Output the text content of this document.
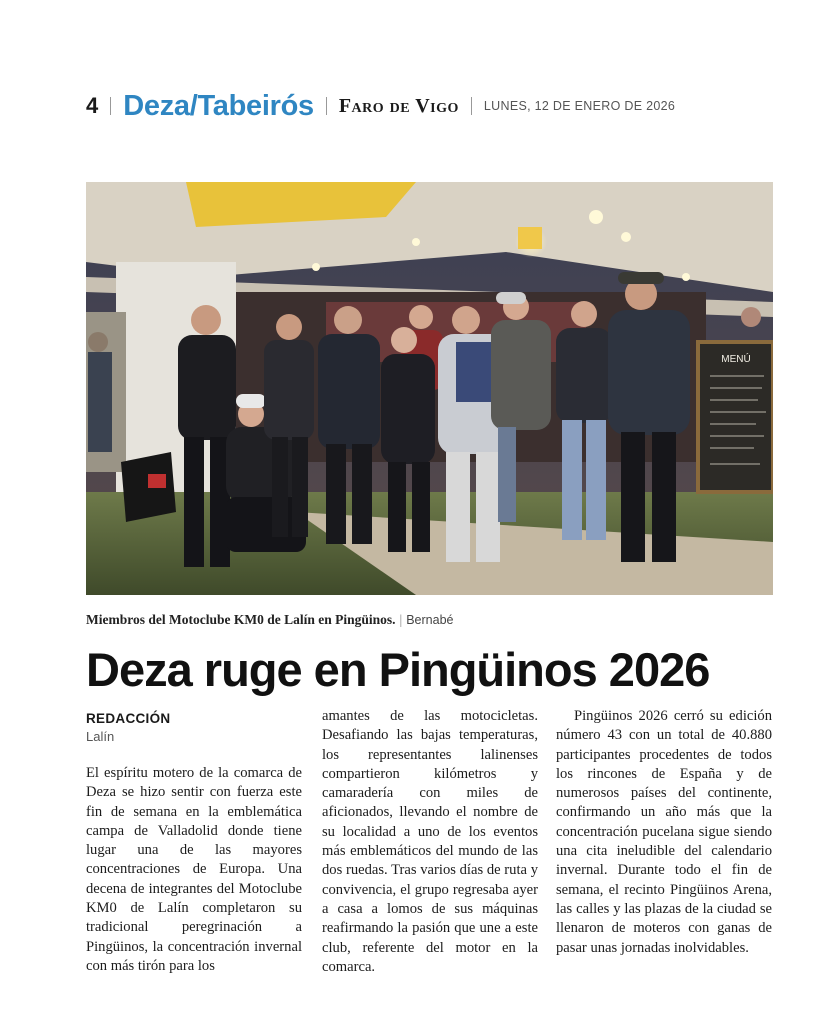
4 Deza/Tabeirós Faro de Vigo LUNES, 12 DE ENERO DE 2026
MENÚ
Miembros del Motoclube KM0 de Lalín en Pingüinos. | Bernabé
Deza ruge en Pingüinos 2026
REDACCIÓN
Lalín

El espíritu motero de la comarca de Deza se hizo sentir con fuerza este fin de semana en la emblemática campa de Valladolid donde tiene lugar una de las mayores concentraciones de Europa. Una decena de integrantes del Motoclube KM0 de Lalín completaron su tradicional peregrinación a Pingüinos, la concentración invernal con más tirón para los

amantes de las motocicletas. Desafiando las bajas temperaturas, los representantes lalinenses compartieron kilómetros y camaradería con miles de aficionados, llevando el nombre de su localidad a uno de los eventos más emblemáticos del mundo de las dos ruedas. Tras varios días de ruta y convivencia, el grupo regresaba ayer a casa a lomos de sus máquinas reafirmando la pasión que une a este club, referente del motor en la comarca.

Pingüinos 2026 cerró su edición número 43 con un total de 40.880 participantes procedentes de todos los rincones de España y de numerosos países del continente, confirmando un año más que la concentración pucelana sigue siendo una cita ineludible del calendario invernal. Durante todo el fin de semana, el recinto Pingüinos Arena, las calles y las plazas de la ciudad se llenaron de moteros con ganas de pasar unas jornadas inolvidables.
